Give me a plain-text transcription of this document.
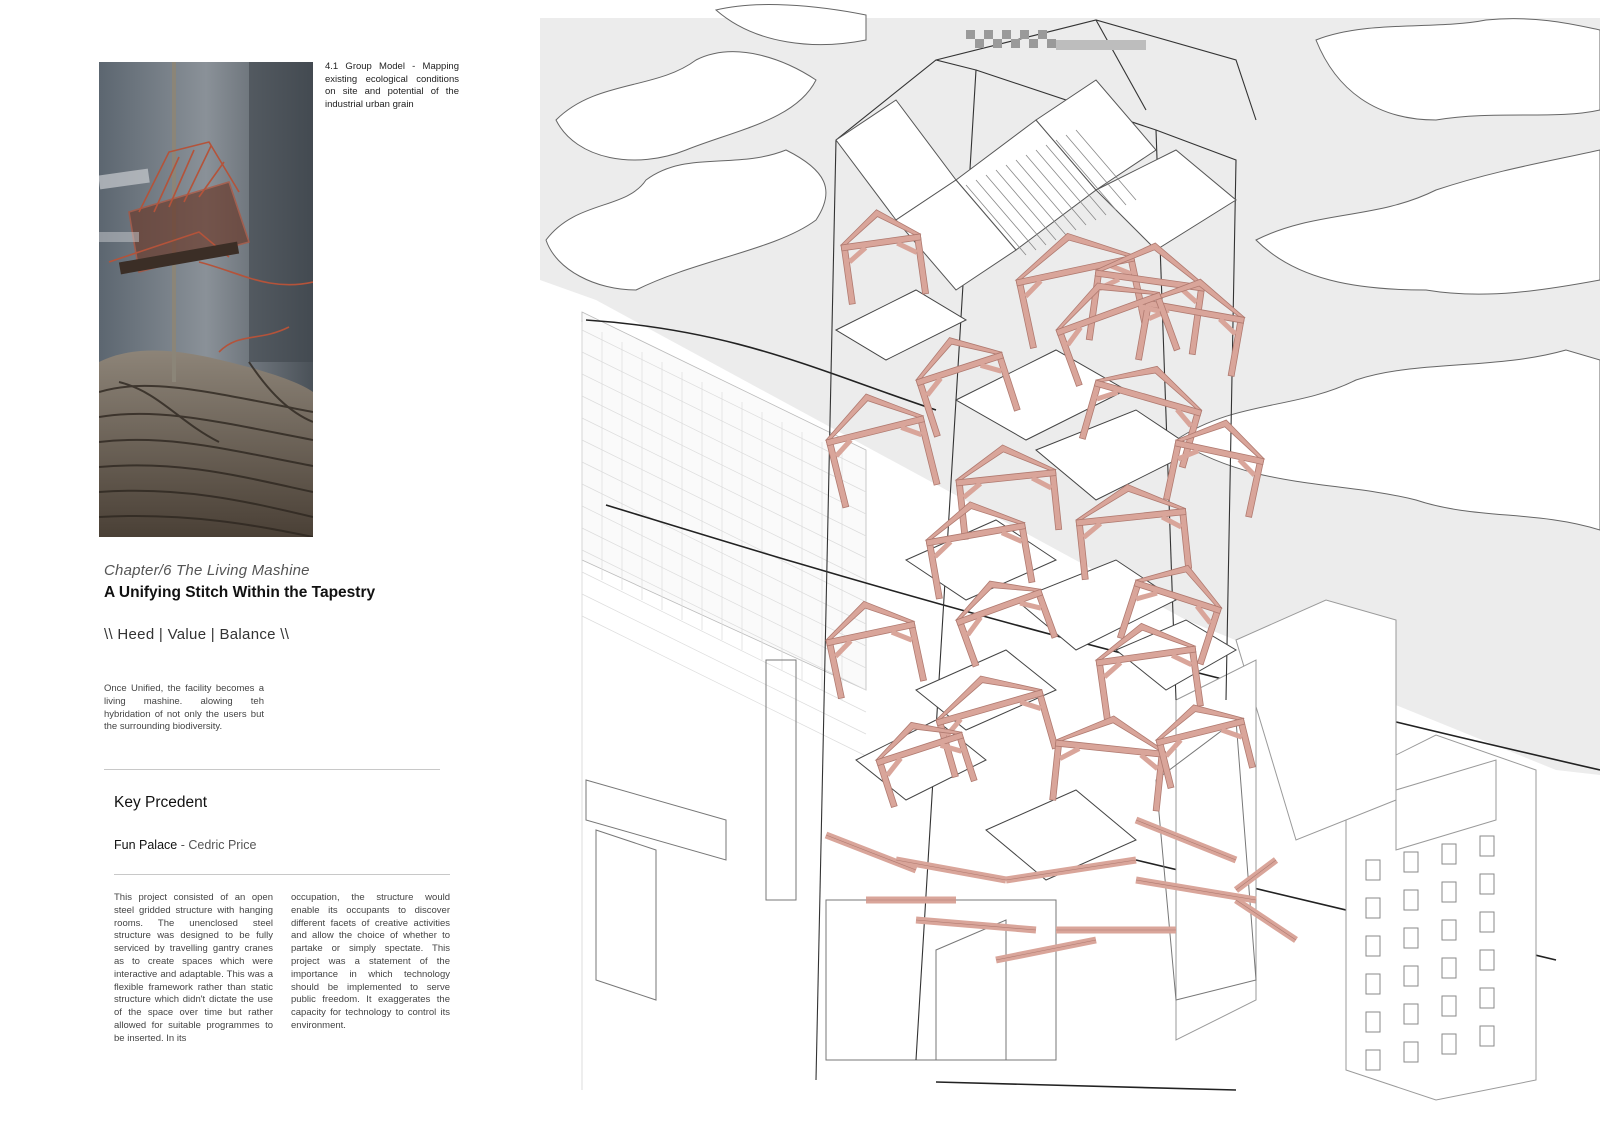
4.1 Group Model - Mapping existing ecological conditions on site and potential of the industrial urban grain
Chapter/6 The Living Mashine
A Unifying Stitch Within the Tapestry
\\ Heed | Value | Balance \\
Once Unified, the facility becomes a living mashine. alowing teh hybridation of not only the users but the surrounding biodiversity.
Key Prcedent
Fun Palace - Cedric Price
This project consisted of an open steel gridded structure with hanging rooms. The unenclosed steel structure was designed to be fully serviced by travelling gantry cranes as to create spaces which were interactive and adaptable. This was a flexible framework rather than static structure which didn't dictate the use of the space over time but rather allowed for suitable programmes to be inserted. In its
occupation, the structure would enable its occupants to discover different facets of creative activities and allow the choice of whether to partake or simply spectate. This project was a statement of the importance in which technology should be implemented to serve public freedom. It exaggerates the capacity for technology to control its environment.
